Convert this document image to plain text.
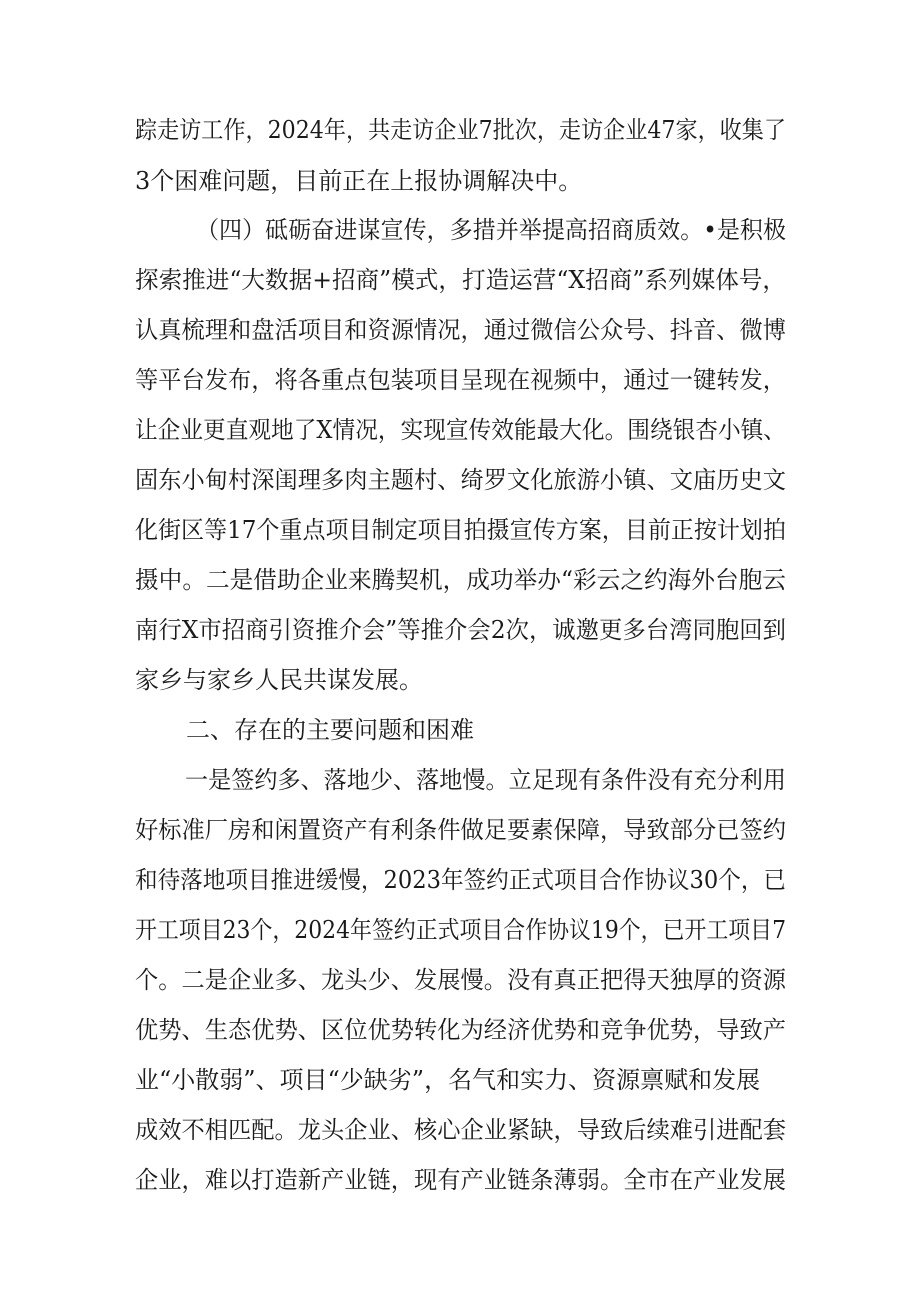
踪走访工作，2024年，共走访企业7批次，走访企业47家，收集了
3个困难问题，目前正在上报协调解决中。
（四）砥砺奋进谋宣传，多措并举提高招商质效。•是积极
探索推进“大数据+招商”模式，打造运营“X招商”系列媒体号，
认真梳理和盘活项目和资源情况，通过微信公众号、抖音、微博
等平台发布，将各重点包装项目呈现在视频中，通过一键转发，
让企业更直观地了X情况，实现宣传效能最大化。围绕银杏小镇、
固东小甸村深闺理多肉主题村、绮罗文化旅游小镇、文庙历史文
化街区等17个重点项目制定项目拍摄宣传方案，目前正按计划拍
摄中。二是借助企业来腾契机，成功举办“彩云之约海外台胞云
南行X市招商引资推介会”等推介会2次，诚邀更多台湾同胞回到
家乡与家乡人民共谋发展。
二、存在的主要问题和困难
一是签约多、落地少、落地慢。立足现有条件没有充分利用
好标准厂房和闲置资产有利条件做足要素保障，导致部分已签约
和待落地项目推进缓慢，2023年签约正式项目合作协议30个，已
开工项目23个，2024年签约正式项目合作协议19个，已开工项目7
个。二是企业多、龙头少、发展慢。没有真正把得天独厚的资源
优势、生态优势、区位优势转化为经济优势和竞争优势，导致产
业“小散弱”、项目“少缺劣”，名气和实力、资源禀赋和发展
成效不相匹配。龙头企业、核心企业紧缺，导致后续难引进配套
企业，难以打造新产业链，现有产业链条薄弱。全市在产业发展
